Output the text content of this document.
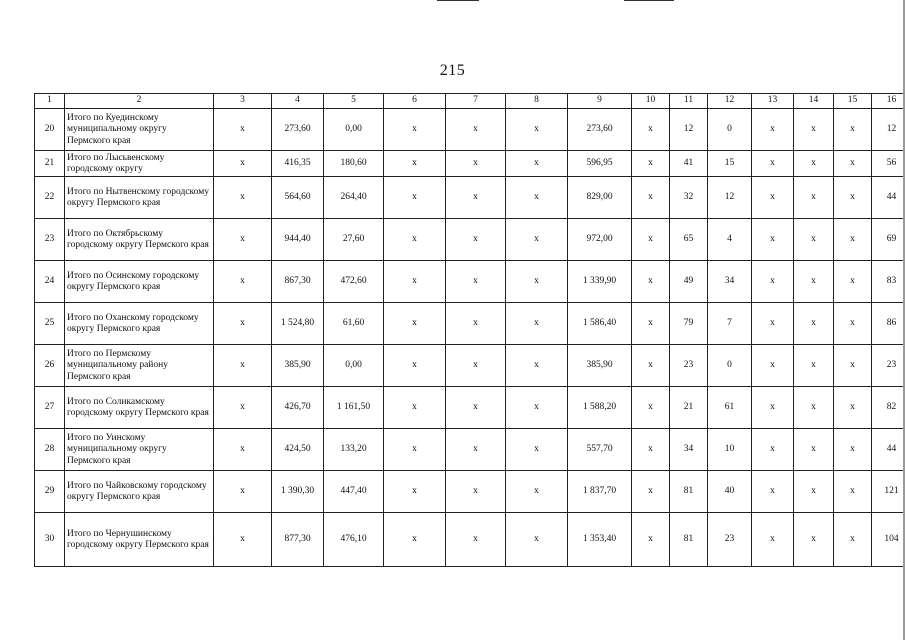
215
1	2	3	4	5	6	7	8	9	10	11	12	13	14	15	16
20	Итого по Куединскому муниципальному округу Пермского края	x	273,60	0,00	x	x	x	273,60	x	12	0	x	x	x	12
21	Итого по Лысьвенскому городскому округу	x	416,35	180,60	x	x	x	596,95	x	41	15	x	x	x	56
22	Итого по Нытвенскому городскому округу Пермского края	x	564,60	264,40	x	x	x	829,00	x	32	12	x	x	x	44
23	Итого по Октябрьскому городскому округу Пермского края	x	944,40	27,60	x	x	x	972,00	x	65	4	x	x	x	69
24	Итого по Осинскому городскому округу Пермского края	x	867,30	472,60	x	x	x	1 339,90	x	49	34	x	x	x	83
25	Итого по Оханскому городскому округу Пермского края	x	1 524,80	61,60	x	x	x	1 586,40	x	79	7	x	x	x	86
26	Итого по Пермскому муниципальному району Пермского края	x	385,90	0,00	x	x	x	385,90	x	23	0	x	x	x	23
27	Итого по Соликамскому городскому округу Пермского края	x	426,70	1 161,50	x	x	x	1 588,20	x	21	61	x	x	x	82
28	Итого по Уинскому муниципальному округу Пермского края	x	424,50	133,20	x	x	x	557,70	x	34	10	x	x	x	44
29	Итого по Чайковскому городскому округу Пермского края	x	1 390,30	447,40	x	x	x	1 837,70	x	81	40	x	x	x	121
30	Итого по Чернушинскому городскому округу Пермского края	x	877,30	476,10	x	x	x	1 353,40	x	81	23	x	x	x	104
